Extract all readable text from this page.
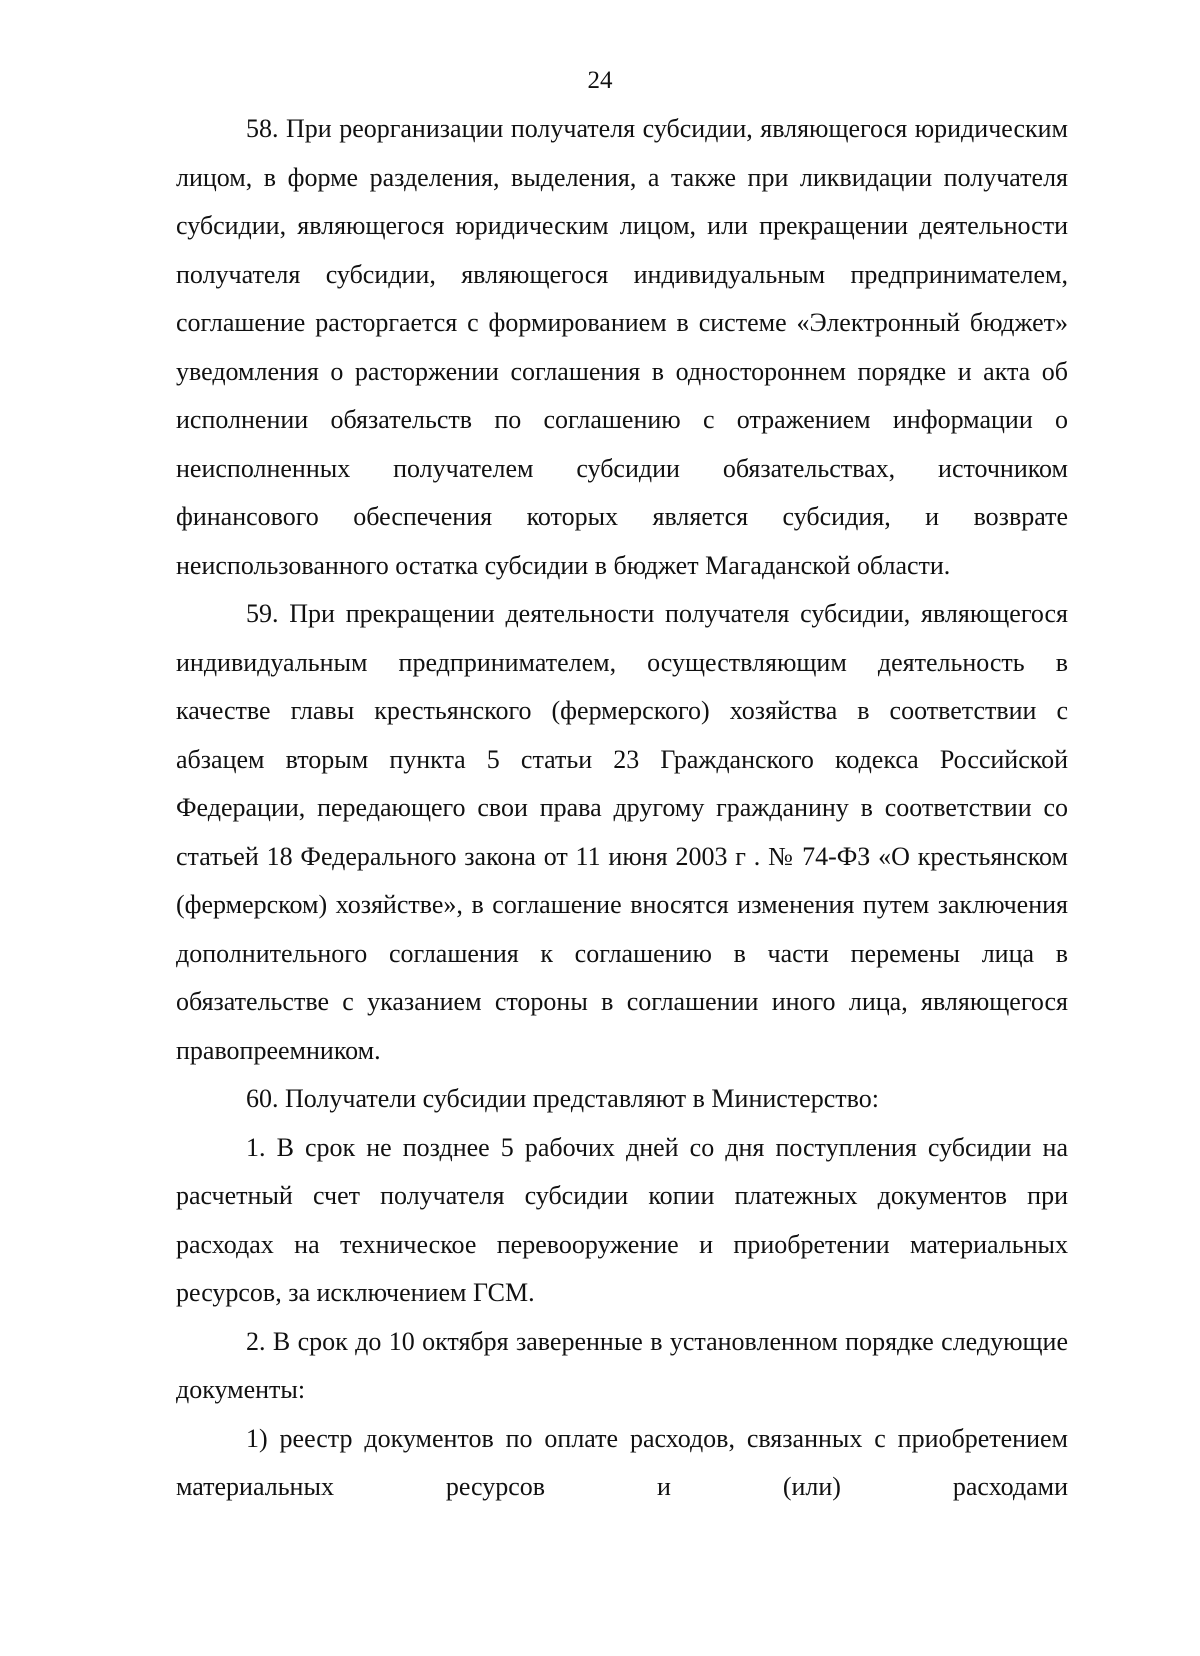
24

58. При реорганизации получателя субсидии, являющегося юридическим лицом, в форме разделения, выделения, а также при ликвидации получателя субсидии, являющегося юридическим лицом, или прекращении деятельности получателя субсидии, являющегося индивидуальным предпринимателем, соглашение расторгается с формированием в системе «Электронный бюджет» уведомления о расторжении соглашения в одностороннем порядке и акта об исполнении обязательств по соглашению с отражением информации о неисполненных получателем субсидии обязательствах, источником финансового обеспечения которых является субсидия, и возврате неиспользованного остатка субсидии в бюджет Магаданской области.

59. При прекращении деятельности получателя субсидии, являющегося индивидуальным предпринимателем, осуществляющим деятельность в качестве главы крестьянского (фермерского) хозяйства в соответствии с абзацем вторым пункта 5 статьи 23 Гражданского кодекса Российской Федерации, передающего свои права другому гражданину в соответствии со статьей 18 Федерального закона от 11 июня 2003 г . № 74-ФЗ «О крестьянском (фермерском) хозяйстве», в соглашение вносятся изменения путем заключения дополнительного соглашения к соглашению в части перемены лица в обязательстве с указанием стороны в соглашении иного лица, являющегося правопреемником.

60. Получатели субсидии представляют в Министерство:

1. В срок не позднее 5 рабочих дней со дня поступления субсидии на расчетный счет получателя субсидии копии платежных документов при расходах на техническое перевооружение и приобретении материальных ресурсов, за исключением ГСМ.

2. В срок до 10 октября заверенные в установленном порядке следующие документы:

1) реестр документов по оплате расходов, связанных с приобретением материальных ресурсов и (или) расходами
